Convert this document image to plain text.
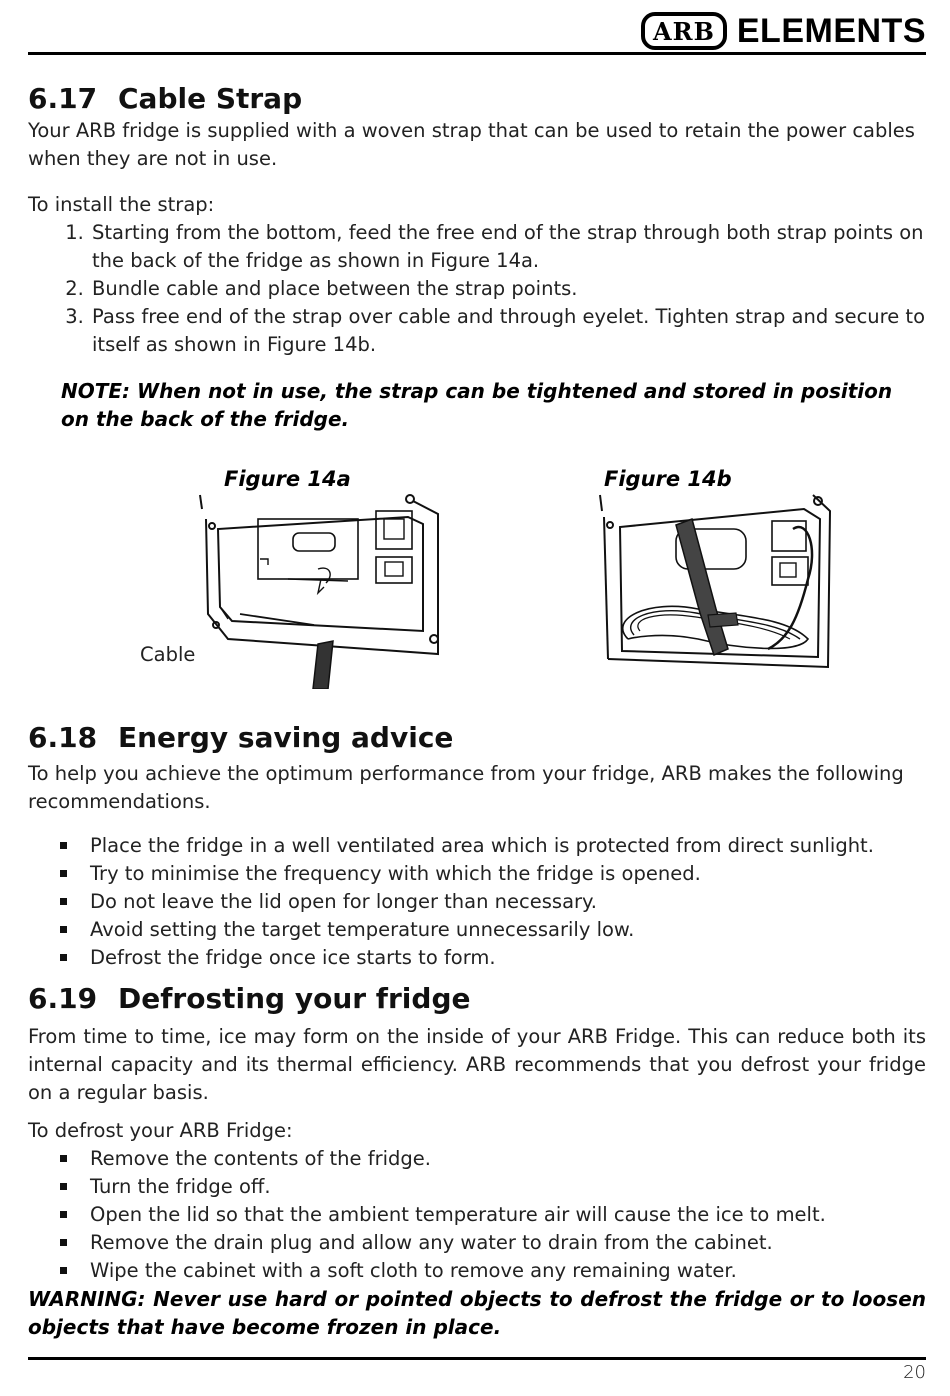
ARB ELEMENTS
6.17 Cable Strap

Your ARB fridge is supplied with a woven strap that can be used to retain the power cables when they are not in use.

To install the strap:

1. Starting from the bottom, feed the free end of the strap through both strap points on the back of the fridge as shown in Figure 14a.
2. Bundle cable and place between the strap points.
3. Pass free end of the strap over cable and through eyelet. Tighten strap and secure to itself as shown in Figure 14b.

NOTE: When not in use, the strap can be tightened and stored in position on the back of the fridge.

Figure 14a	Figure 14b
Cable
6.18 Energy saving advice

To help you achieve the optimum performance from your fridge, ARB makes the following recommendations.

Place the fridge in a well ventilated area which is protected from direct sunlight.
Try to minimise the frequency with which the fridge is opened.
Do not leave the lid open for longer than necessary.
Avoid setting the target temperature unnecessarily low.
Defrost the fridge once ice starts to form.
6.19 Defrosting your fridge

From time to time, ice may form on the inside of your ARB Fridge. This can reduce both its internal capacity and its thermal efficiency. ARB recommends that you defrost your fridge on a regular basis.

To defrost your ARB Fridge:

Remove the contents of the fridge.
Turn the fridge off.
Open the lid so that the ambient temperature air will cause the ice to melt.
Remove the drain plug and allow any water to drain from the cabinet.
Wipe the cabinet with a soft cloth to remove any remaining water.

WARNING: Never use hard or pointed objects to defrost the fridge or to loosen objects that have become frozen in place.

20
